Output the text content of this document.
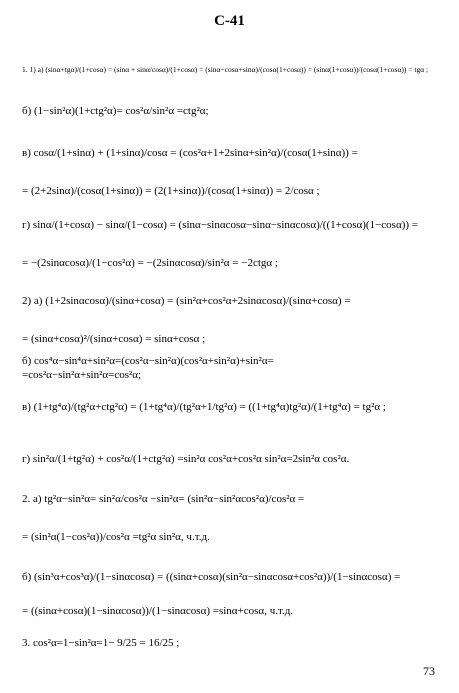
С-41
1. 1) а) (sinα+tgα)/(1+cosα) = (sinα + sinα/cosα)/(1+cosα) = (sinα−cosα+sinα)/(cosα(1+cosα)) = (sinα(1+cosα))/(cosα(1+cosα)) = tgα ;
б) (1−sin²α)(1+ctg²α)= cos²α/sin²α =ctg²α;
в) cosα/(1+sinα) + (1+sinα)/cosα = (cos²α+1+2sinα+sin²α)/(cosα(1+sinα)) =
= (2+2sinα)/(cosα(1+sinα)) = (2(1+sinα))/(cosα(1+sinα)) = 2/cosα ;
г) sinα/(1+cosα) − sinα/(1−cosα) = (sinα−sinαcosα−sinα−sinαcosα)/((1+cosα)(1−cosα)) =
= −(2sinαcosα)/(1−cos²α) = −(2sinαcosα)/sin²α = −2ctgα ;
2) а) (1+2sinαcosα)/(sinα+cosα) = (sin²α+cos²α+2sinαcosα)/(sinα+cosα) =
= (sinα+cosα)²/(sinα+cosα) = sinα+cosα ;
б) cos⁴α−sin⁴α+sin²α=(cos²α−sin²α)(cos²α+sin²α)+sin²α=
=cos²α−sin²α+sin²α=cos²α;
в) (1+tg⁴α)/(tg²α+ctg²α) = (1+tg⁴α)/(tg²α+1/tg²α) = ((1+tg⁴α)tg²α)/(1+tg⁴α) = tg²α ;
г) sin²α/(1+tg²α) + cos²α/(1+ctg²α) =sin²α cos²α+cos²α sin²α=2sin²α cos²α.
2. а) tg²α−sin²α= sin²α/cos²α −sin²α= (sin²α−sin²αcos²α)/cos²α =
= (sin²α(1−cos²α))/cos²α =tg²α sin²α, ч.т.д.
б) (sin³α+cos³α)/(1−sinαcosα) = ((sinα+cosα)(sin²α−sinαcosα+cos²α))/(1−sinαcosα) =
= ((sinα+cosα)(1−sinαcosα))/(1−sinαcosα) =sinα+cosα, ч.т.д.
3. cos²α=1−sin²α=1− 9/25 = 16/25 ;
73
